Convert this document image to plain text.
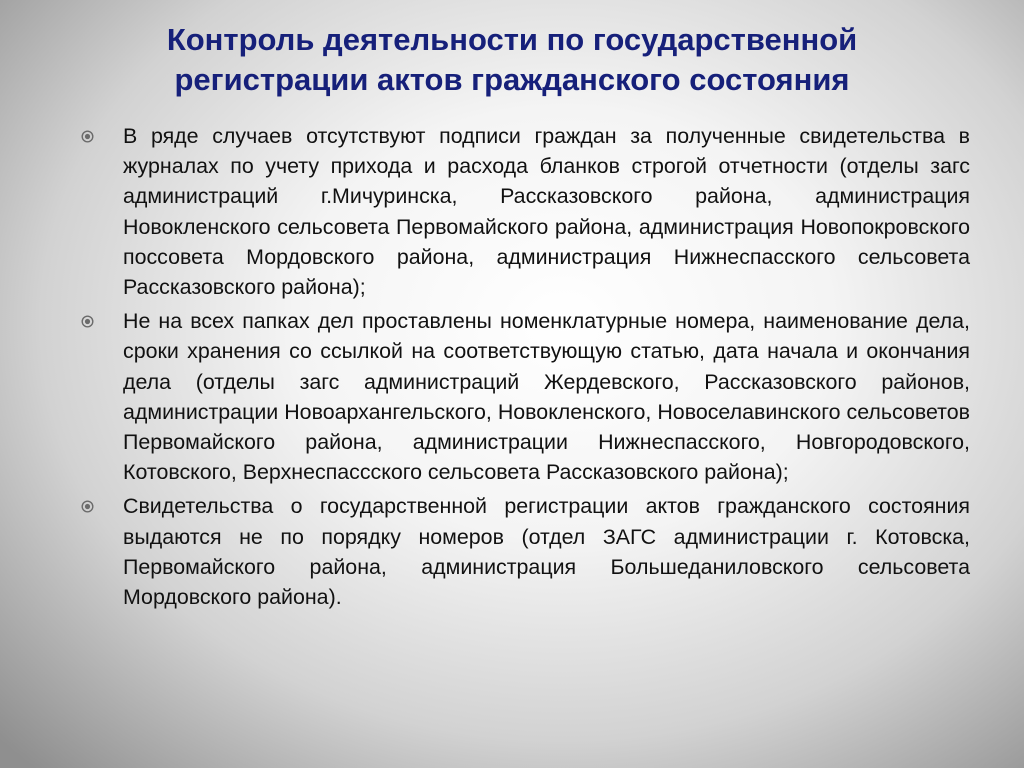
Контроль деятельности по государственной
регистрации актов гражданского состояния
В ряде случаев отсутствуют подписи граждан за полученные свидетельства в журналах по учету прихода и расхода бланков строгой отчетности (отделы загс администраций г.Мичуринска, Рассказовского района, администрация Новокленского сельсовета Первомайского района, администрация Новопокровского поссовета Мордовского района, администрация Нижнеспасского сельсовета Рассказовского района);
Не на всех папках дел проставлены номенклатурные номера, наименование дела, сроки хранения со ссылкой на соответствующую статью, дата начала и окончания дела (отделы загс администраций Жердевского, Рассказовского районов, администрации Новоархангельского, Новокленского, Новоселавинского сельсоветов Первомайского района, администрации Нижнеспасского, Новгородовского, Котовского, Верхнеспассского сельсовета Рассказовского района);
Свидетельства о государственной регистрации актов гражданского состояния выдаются не по порядку номеров (отдел ЗАГС администрации г. Котовска, Первомайского района, администрация Большеданиловского сельсовета Мордовского района).
